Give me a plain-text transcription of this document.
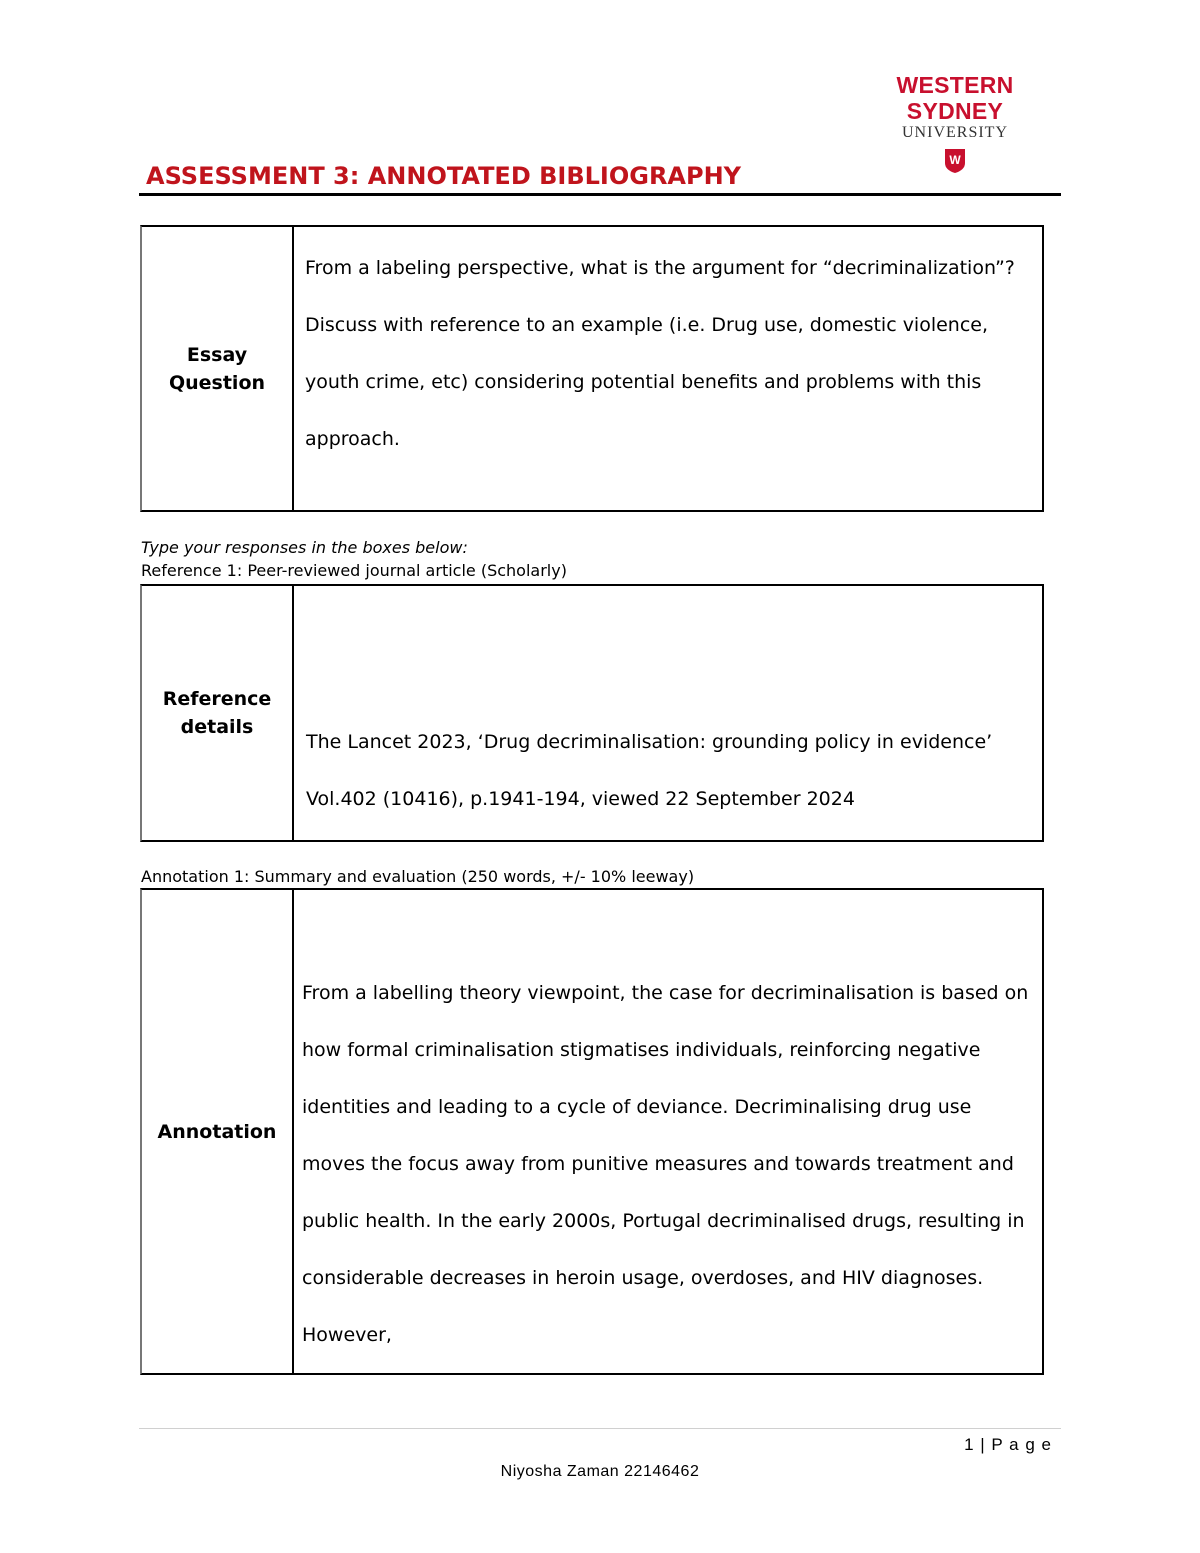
WESTERN SYDNEY
UNIVERSITY
W
ASSESSMENT 3: ANNOTATED BIBLIOGRAPHY
Essay Question
From a labeling perspective, what is the argument for “decriminalization”? Discuss with reference to an example (i.e. Drug use, domestic violence, youth crime, etc) considering potential benefits and problems with this approach.
Type your responses in the boxes below:
Reference 1: Peer-reviewed journal article (Scholarly)
Reference details
The Lancet 2023, ‘Drug decriminalisation: grounding policy in evidence’ Vol.402 (10416), p.1941-194, viewed 22 September 2024
Annotation 1: Summary and evaluation (250 words, +/- 10% leeway)
Annotation
From a labelling theory viewpoint, the case for decriminalisation is based on how formal criminalisation stigmatises individuals, reinforcing negative identities and leading to a cycle of deviance. Decriminalising drug use moves the focus away from punitive measures and towards treatment and public health. In the early 2000s, Portugal decriminalised drugs, resulting in considerable decreases in heroin usage, overdoses, and HIV diagnoses. However,
1 | P a g e
Niyosha Zaman 22146462
